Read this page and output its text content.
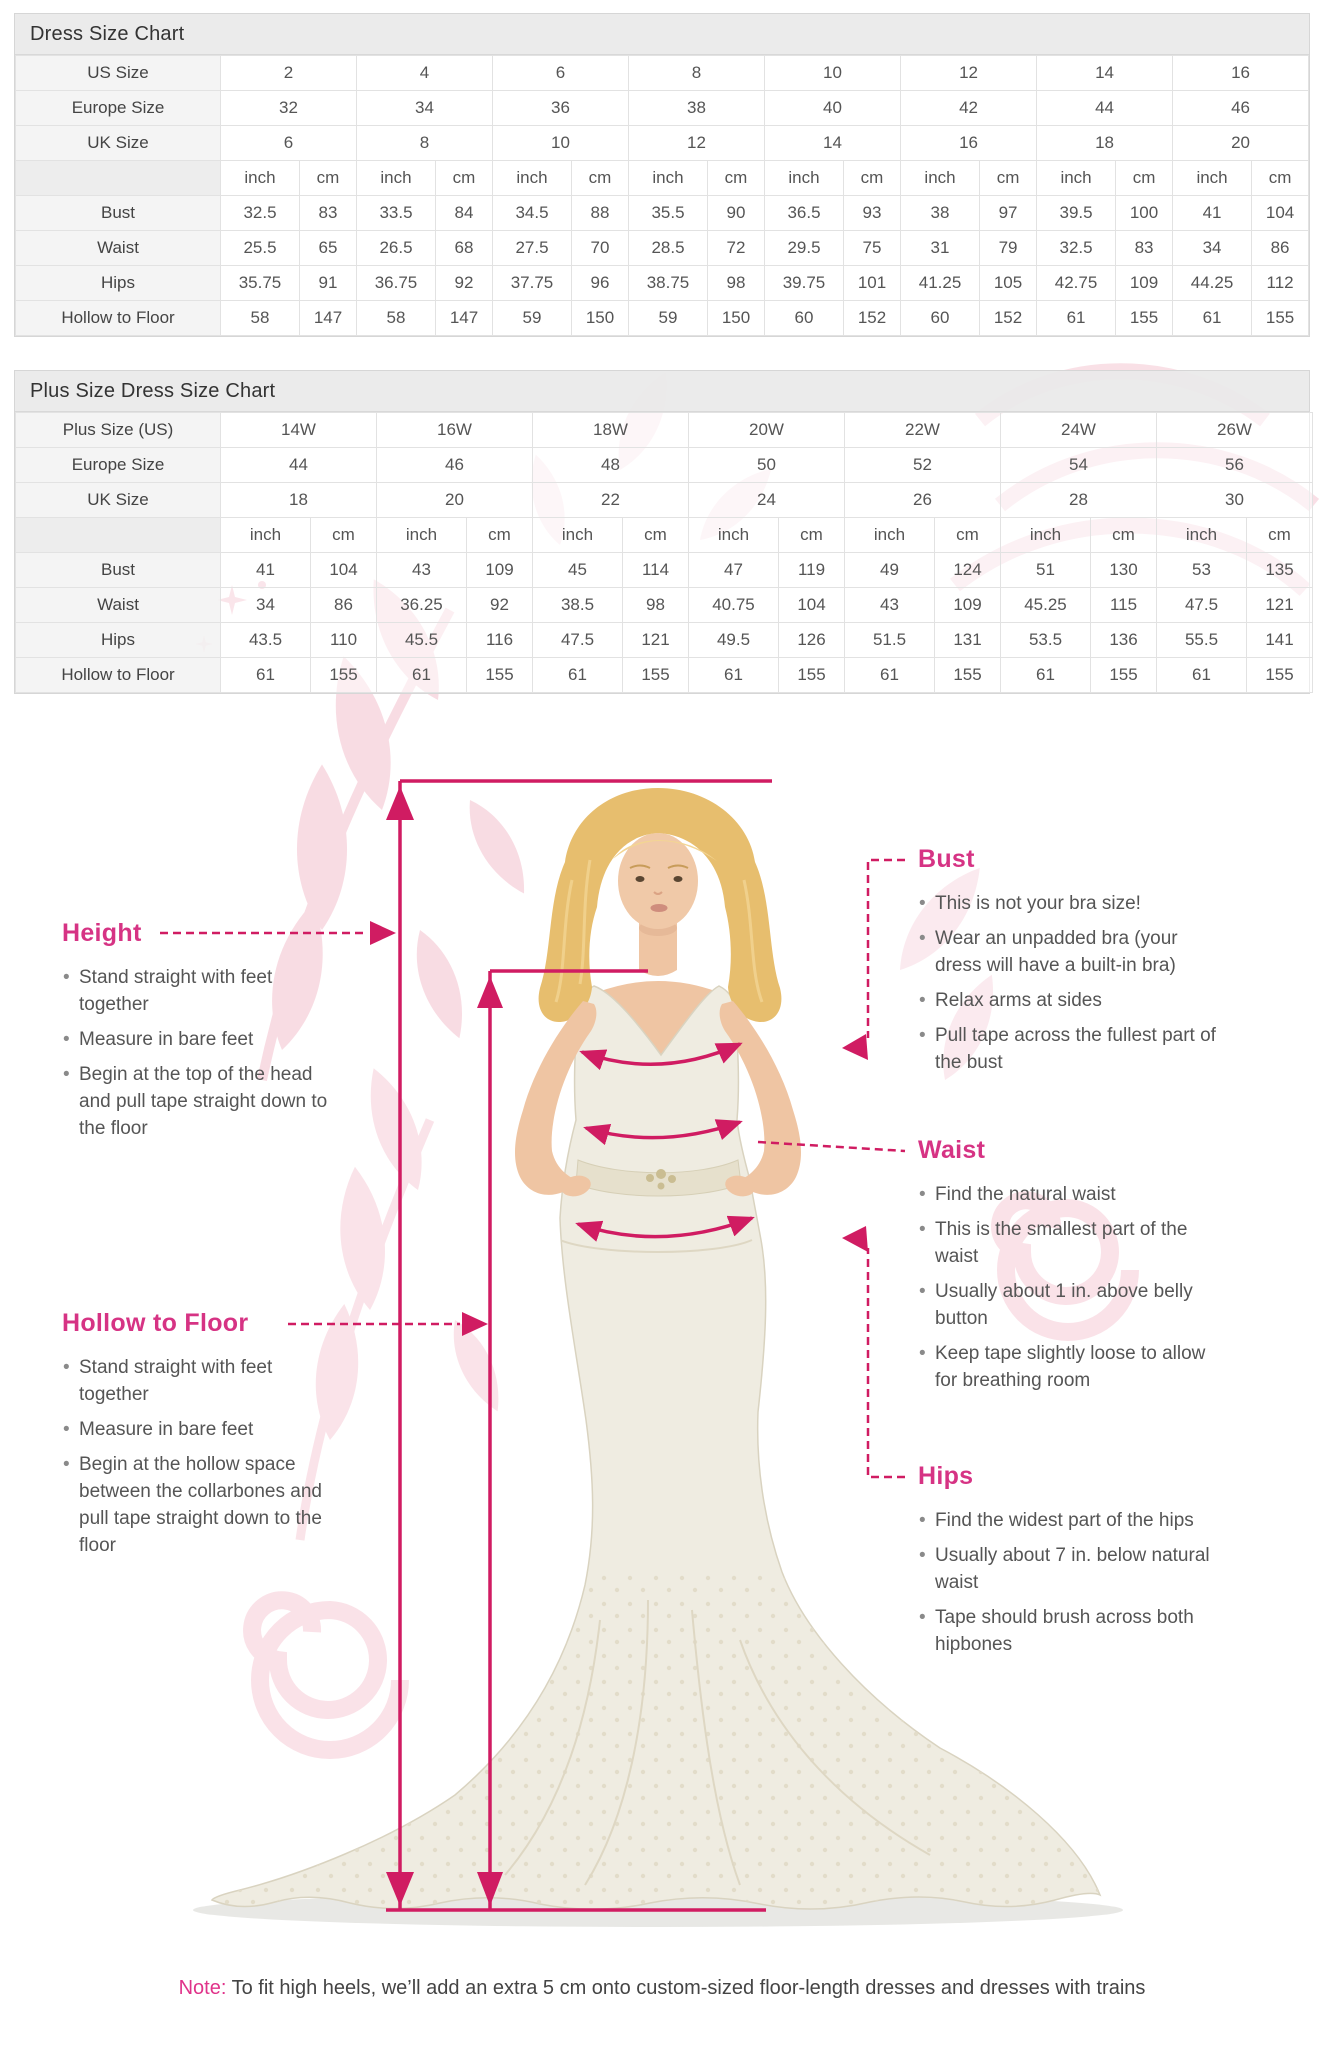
Dress Size Chart
US Size	2		4		6		8		10		12		14		16	
Europe Size	32		34		36		38		40		42		44		46	
UK Size	6		8		10		12		14		16		18		20	
	inch	cm	inch	cm	inch	cm	inch	cm	inch	cm	inch	cm	inch	cm	inch	cm
Bust	32.5	83	33.5	84	34.5	88	35.5	90	36.5	93	38	97	39.5	100	41	104
Waist	25.5	65	26.5	68	27.5	70	28.5	72	29.5	75	31	79	32.5	83	34	86
Hips	35.75	91	36.75	92	37.75	96	38.75	98	39.75	101	41.25	105	42.75	109	44.25	112
Hollow to Floor	58	147	58	147	59	150	59	150	60	152	60	152	61	155	61	155
Plus Size Dress Size Chart
Plus Size (US)	14W		16W		18W		20W		22W		24W		26W	
Europe Size	44		46		48		50		52		54		56	
UK Size	18		20		22		24		26		28		30	
	inch	cm	inch	cm	inch	cm	inch	cm	inch	cm	inch	cm	inch	cm
Bust	41	104	43	109	45	114	47	119	49	124	51	130	53	135
Waist	34	86	36.25	92	38.5	98	40.75	104	43	109	45.25	115	47.5	121
Hips	43.5	110	45.5	116	47.5	121	49.5	126	51.5	131	53.5	136	55.5	141
Hollow to Floor	61	155	61	155	61	155	61	155	61	155	61	155	61	155
Height
• Stand straight with feet together
• Measure in bare feet
• Begin at the top of the head and pull tape straight down to the floor
Hollow to Floor
• Stand straight with feet together
• Measure in bare feet
• Begin at the hollow space between the collarbones and pull tape straight down to the floor
Bust
• This is not your bra size!
• Wear an unpadded bra (your dress will have a built-in bra)
• Relax arms at sides
• Pull tape across the fullest part of the bust
Waist
• Find the natural waist
• This is the smallest part of the waist
• Usually about 1 in. above belly button
• Keep tape slightly loose to allow for breathing room
Hips
• Find the widest part of the hips
• Usually about 7 in. below natural waist
• Tape should brush across both hipbones
Note: To fit high heels, we’ll add an extra 5 cm onto custom-sized floor-length dresses and dresses with trains
